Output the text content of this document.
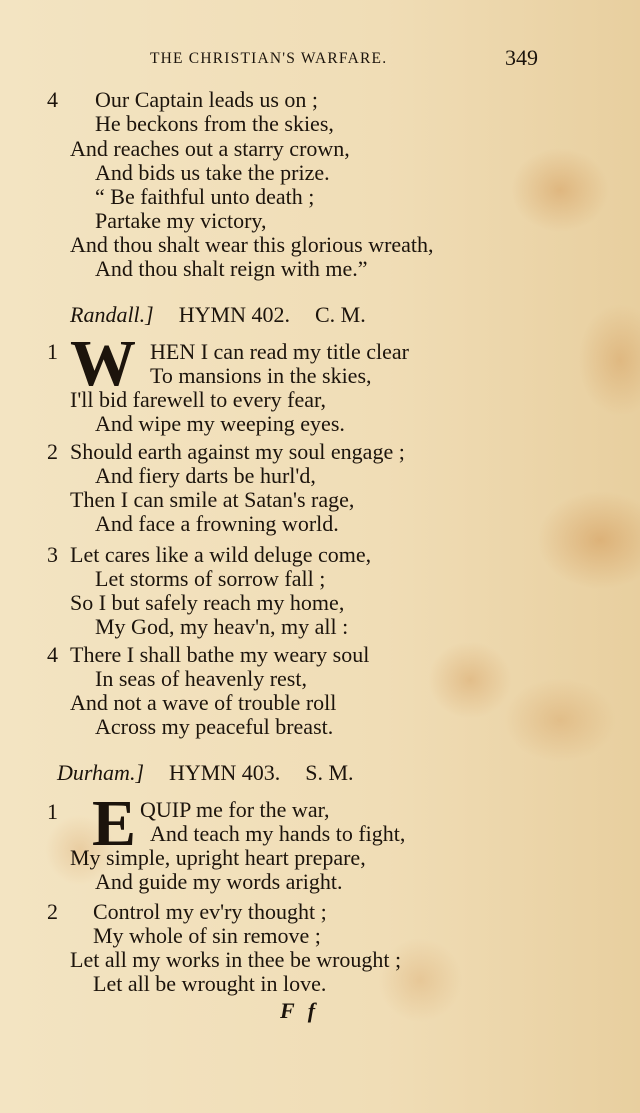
THE CHRISTIAN'S WARFARE.	349
4 Our Captain leads us on ;
He beckons from the skies,
And reaches out a starry crown,
And bids us take the prize.
“ Be faithful unto death ;
Partake my victory,
And thou shalt wear this glorious wreath,
And thou shalt reign with me.”
Randall.] HYMN 402. C. M.
1 W HEN I can read my title clear
To mansions in the skies,
I'll bid farewell to every fear,
And wipe my weeping eyes.
2 Should earth against my soul engage ;
And fiery darts be hurl'd,
Then I can smile at Satan's rage,
And face a frowning world.
3 Let cares like a wild deluge come,
Let storms of sorrow fall ;
So I but safely reach my home,
My God, my heav'n, my all :
4 There I shall bathe my weary soul
In seas of heavenly rest,
And not a wave of trouble roll
Across my peaceful breast.
Durham.] HYMN 403. S. M.
1 E QUIP me for the war,
And teach my hands to fight,
My simple, upright heart prepare,
And guide my words aright.
2 Control my ev'ry thought ;
My whole of sin remove ;
Let all my works in thee be wrought ;
Let all be wrought in love.
F f
